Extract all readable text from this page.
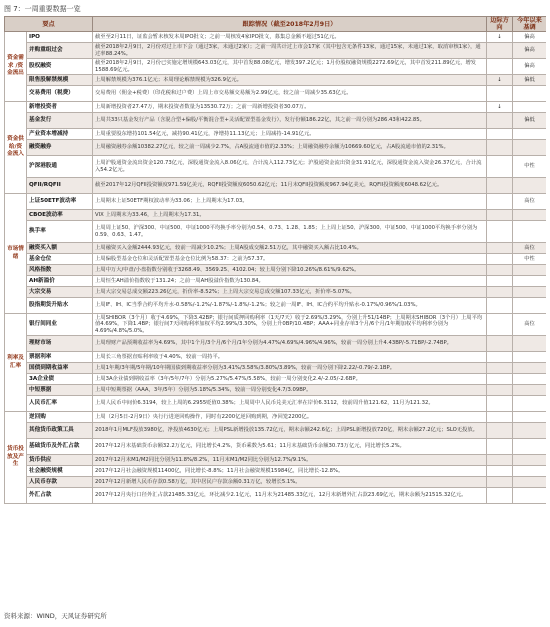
图 7：一周重要数据一览
要点		跟踪情况（截至2018年2月9日）	边际方向	今年以来基调
资金需求 /资金流出	IPO	截至至2月11日，证监会暂未核发本周IPO批文；之前一周核发4家IPO批文，募集总金额不超过51亿元。	↓	偏高
	并购重组过会	截至2018年2月9日，2月份对过上市下会（通过3家，未通过2家）；之前一周共计过上市会17家（其中包含无条件13家，通过15家，未通过1家，取消审核1家），通过率88.24%。		偏高
	股权融资	截至2018年2月9日，2月份已实施定增规模643.03亿元，其中首发88.08亿元，增发397.2亿元；1月份股权融资规模2272.69亿元，其中首发211.89亿元，增发1588.69亿元。		偏高
	限售股解禁规模	上周解禁规模为376.1亿元；本周理论解禁规模为326.9亿元。	↓	偏低
	交易费用（税费）	交易费用（佣金+税费）（印花税和过户费）上周上市交易额交易额为2.99亿元，较之前一周减少35.63亿元。		
资金供给/资金流入	新增投资者	上周新增投资者27.47万，期末投资者数量为13530.72万；之前一周新增投资者30.07万。	↓	
	基金发行	上周共33只基金发行产品（含混合型+偏股/平衡混合型+灵活配置型基金发行），发行份额186.22亿，其之前一周分别为286.43和422.85。		偏低
	产业资本增减持	上周重要股东增持101.54亿元，减持90.41亿元，净增持11.13亿元；上周减持-14.91亿元。		
	融资融券	上周融资融券余额10382.27亿元，较之前一周减少2.7%，占A股流通市值的2.33%；上周融资融券余额为10669.60亿元，占A股流通市值的2.31%。		
	沪深港股通	上周沪股通资金流出资金120.73亿元，深股通资金流入8.06亿元，合计流入112.73亿元；沪股通资金流出资金31.91亿元，深股通资金流入资金26.37亿元，合计流入54.2亿元。		中性
	QFII/RQFII	截至2017年12月QFII投资额度971.59亿美元，RQFII投资额度6050.62亿元；11月末QFII投资额度967.94亿美元，RQFII投资额度6048.62亿元。		
市场情绪	上证50ETF波动率	上周期末上证50ETF期权波动率为33.06；上上周期末为17.03。		高位
	CBOE波动率	VIX 上周期末为33.46，上上周期末为17.31。		
	换手率	上周周上证50、沪深300、中证500、中证1000平均换手率分别为0.54、0.73、1.28、1.85；上上周上证50、沪深300、中证500、中证1000平均换手率分别为0.59、0.63、1.47。		
	融资买入额	上周融资买入金额2444.93亿元，较前一周减少10.2%；上周A股成交额2.51万亿，其中融资买入额占比10.4%。		高位
	基金仓位	上周偏股型基金仓位和灵活配置型基金仓位比例为58.37：之前为57.37。		中性
	风格指数	上周中万大/中盘/小盘指数分别收于3268.49、3569.25、4102.04；较上周分别下降10.26%/8.61%/9.62%。		
	AH新溢价	上周恒生AH溢价指数收于131.24；之前一周AH股溢价指数为130.84。		
	大宗交易	上周大宗交易总成交额223.26亿元，折价率-8.52%；上上周大宗交易总成交额107.33亿元，折价率-5.07%。		
	股指期货升贴水	上周IF、IH、IC当季合约平均升水-0.58%/-1.2%/-1.87%/-1.8%/-1.2%；较之前一周IF、IH、IC合约平均升贴水-0.17%/0.96%/1.03%。		
利率及汇率	银行间同业	上周SHIBOR（3个月）收于4.69%，下降3.42BP；银行间质押回购利率（1天/7天）收于2.69%/3.29%，分别上升51/14BP；上周期末SHIBOR（3个月）上周平均值4.69%，下降1.4BP；银行间7天回购利率加权平均2.99%/3.30%，分别上升0BP/10.4BP；AAA+同业存单3个月/6个月/1年期加权平均利率分别为4.69%/4.8%/5.0%。		高位
	理财市场	上周理财产品预期收益率为4.69%，其中1个月/3个月/6个月/1年分别为4.47%/4.69%/4.96%/4.96%，较前一周分别上升4.43BP/-5.71BP/-2.74BP。		
	票据利率	上周长三角票据直贴利率收于4.40%，较前一周持平。		
	国债到期收益率	上周1年期/3年期/5年期/10年期国债到期收益率分别为3.41%/3.58%/3.80%/3.89%，较前一周分别下降2.22/-0.79/-2.1BP。		
	3A企业债	上周3A企业债到期收益率（3年/5年/7年）分别为5.27%/5.47%/5.58%，较前一周分别变化2.4/-2.05/-2.6BP。		
	中短票据	上周中短期票据（AAA，3年/5年）分别为5.18%/5.34%，较前一周分别变化4.7/3.09BP。		
	人民币汇率	上周人民币中间价6.3194，较上上周的6.2955贬值0.38%；上周周中人民币兑美元汇率在岸价6.3112，较前周升值121.62，11月为121.32。		
货币投放及产生	逆回购	上周（2月5日-2月9日）央行行进逆回购操作，同时有2200亿逆回购到期，净回笼2200亿。		
	其他货币政策工具	2018年1月MLF投放3980亿，净投放4630亿元；上周PSL新增投放135.72亿元，期末余额242.6亿；上周PSL新增投放720亿，期末余额27.2亿元；SLO无投放。		
	基础货币及外汇占款	2017年12月末基础货币余额32.2万亿元，同比增长4.2%，货币乘数为5.61；11月末基础货币余额30.73万亿元，同比增长5.2%。		
	货币供应	2017年12月末M1/M2同比分别为11.8%/8.2%，11月末M1/M2同比分别为12.7%/9.1%。		
	社会融资规模	2017年12月社会融资规模11400亿，同比增长-8.8%；11月社会融资规模15984亿，同比增长-12.8%。		
	人民币存款	2017年12月新增人民币存款0.58万亿，其中居民户存款余额0.31万亿，较增长5.1%。		
	外汇占款	2017年12月央行口径外汇占款21485.33亿元，环比减少2.1亿元，11月末为21485.33亿元，12月末新增外汇占款23.69亿元，期末余额为21515.32亿元。		
资料来源：WIND，天风证券研究所
